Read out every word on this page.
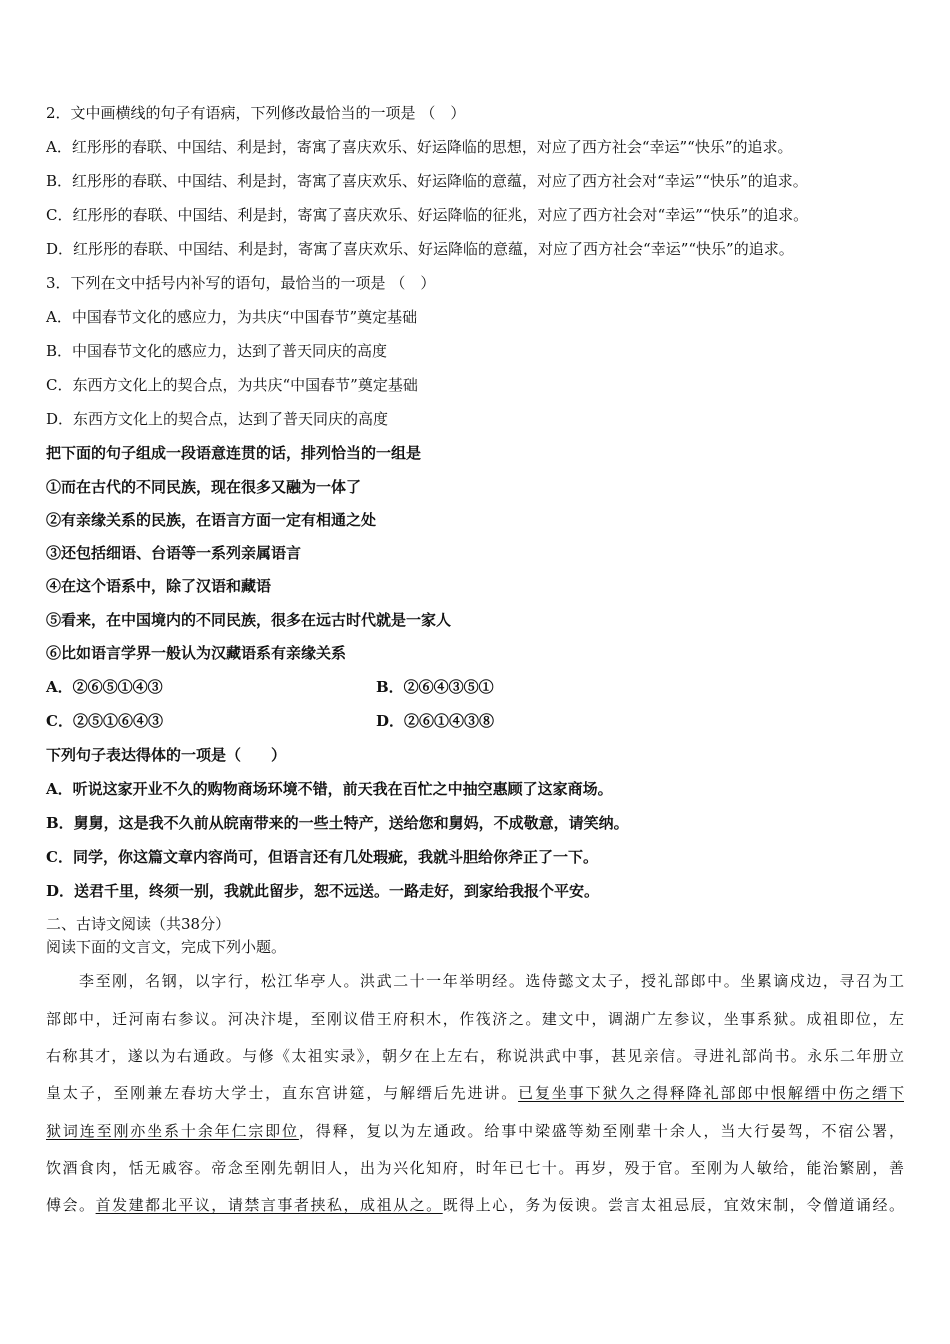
2．文中画横线的句子有语病，下列修改最恰当的一项是 （　）
A．红彤彤的春联、中国结、利是封，寄寓了喜庆欢乐、好运降临的思想，对应了西方社会“幸运”“快乐”的追求。
B．红彤彤的春联、中国结、利是封，寄寓了喜庆欢乐、好运降临的意蕴，对应了西方社会对“幸运”“快乐”的追求。
C．红彤彤的春联、中国结、利是封，寄寓了喜庆欢乐、好运降临的征兆，对应了西方社会对“幸运”“快乐”的追求。
D．红彤彤的春联、中国结、利是封，寄寓了喜庆欢乐、好运降临的意蕴，对应了西方社会“幸运”“快乐”的追求。
3．下列在文中括号内补写的语句，最恰当的一项是 （　）
A．中国春节文化的感应力，为共庆“中国春节”奠定基础
B．中国春节文化的感应力，达到了普天同庆的高度
C．东西方文化上的契合点，为共庆“中国春节”奠定基础
D．东西方文化上的契合点，达到了普天同庆的高度
把下面的句子组成一段语意连贯的话，排列恰当的一组是
①而在古代的不同民族，现在很多又融为一体了
②有亲缘关系的民族，在语言方面一定有相通之处
③还包括细语、台语等一系列亲属语言
④在这个语系中，除了汉语和藏语
⑤看来，在中国境内的不同民族，很多在远古时代就是一家人
⑥比如语言学界一般认为汉藏语系有亲缘关系
A．②⑥⑤①④③	B．②⑥④③⑤①
C．②⑤①⑥④③	D．②⑥①④③⑧
下列句子表达得体的一项是（　　）
A．听说这家开业不久的购物商场环境不错，前天我在百忙之中抽空惠顾了这家商场。
B．舅舅，这是我不久前从皖南带来的一些土特产，送给您和舅妈，不成敬意，请笑纳。
C．同学，你这篇文章内容尚可，但语言还有几处瑕疵，我就斗胆给你斧正了一下。
D．送君千里，终须一别，我就此留步，恕不远送。一路走好，到家给我报个平安。
二、古诗文阅读（共38分）
阅读下面的文言文，完成下列小题。
　　李至刚，名钢，以字行，松江华亭人。洪武二十一年举明经。选侍懿文太子，授礼部郎中。坐累谪戍边，寻召为工
部郎中，迁河南右参议。河决汴堤，至刚议借王府积木，作筏济之。建文中，调湖广左参议，坐事系狱。成祖即位，左
右称其才，遂以为右通政。与修《太祖实录》，朝夕在上左右，称说洪武中事，甚见亲信。寻进礼部尚书。永乐二年册立
皇太子，至刚兼左春坊大学士，直东宫讲筵，与解缙后先进讲。已复坐事下狱久之得释降礼部郎中恨解缙中伤之缙下
狱词连至刚亦坐系十余年仁宗即位，得释，复以为左通政。给事中梁盛等劾至刚辈十余人，当大行晏驾，不宿公署，
饮酒食肉，恬无戚容。帝念至刚先朝旧人，出为兴化知府，时年已七十。再岁，殁于官。至刚为人敏给，能治繁剧，善
傅会。首发建都北平议，请禁言事者挟私，成祖从之。既得上心，务为佞谀。尝言太祖忌辰，宜效宋制，令僧道诵经。
